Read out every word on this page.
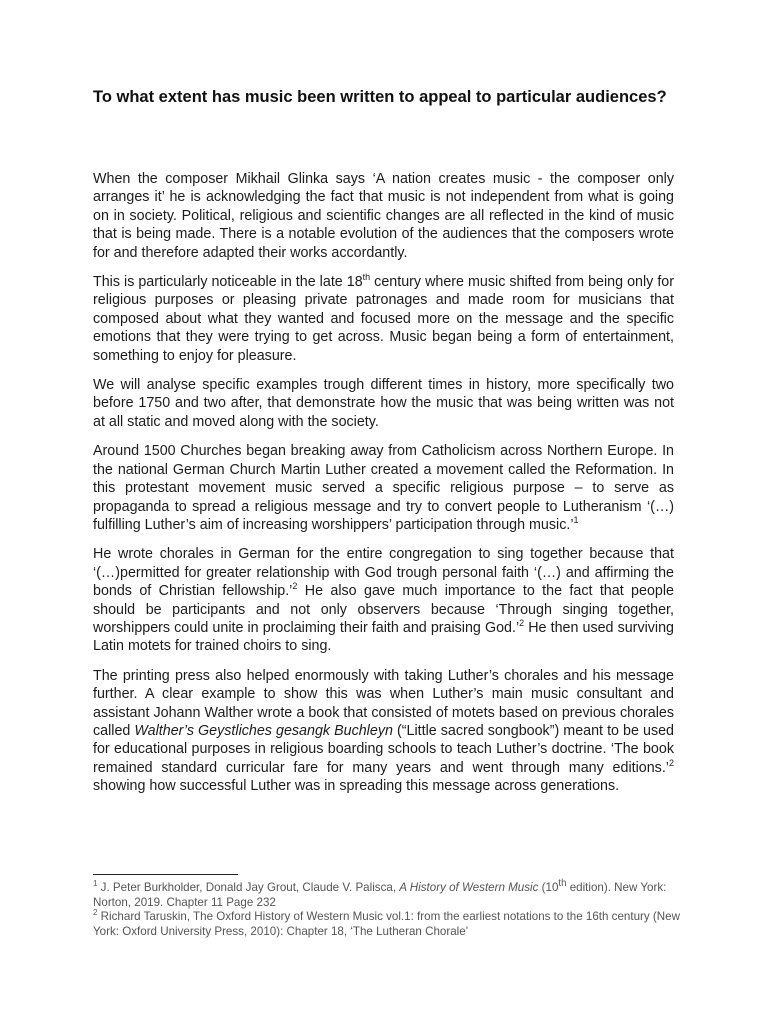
To what extent has music been written to appeal to particular audiences?

When the composer Mikhail Glinka says ‘A nation creates music - the composer only arranges it’ he is acknowledging the fact that music is not independent from what is going on in society. Political, religious and scientific changes are all reflected in the kind of music that is being made. There is a notable evolution of the audiences that the composers wrote for and therefore adapted their works accordantly.

This is particularly noticeable in the late 18th century where music shifted from being only for religious purposes or pleasing private patronages and made room for musicians that composed about what they wanted and focused more on the message and the specific emotions that they were trying to get across. Music began being a form of entertainment, something to enjoy for pleasure.

We will analyse specific examples trough different times in history, more specifically two before 1750 and two after, that demonstrate how the music that was being written was not at all static and moved along with the society.

Around 1500 Churches began breaking away from Catholicism across Northern Europe. In the national German Church Martin Luther created a movement called the Reformation. In this protestant movement music served a specific religious purpose – to serve as propaganda to spread a religious message and try to convert people to Lutheranism ‘(…) fulfilling Luther’s aim of increasing worshippers’ participation through music.’$^1$

He wrote chorales in German for the entire congregation to sing together because that ‘(…)permitted for greater relationship with God trough personal faith ‘(…) and affirming the bonds of Christian fellowship.’$^2$ He also gave much importance to the fact that people should be participants and not only observers because ‘Through singing together, worshippers could unite in proclaiming their faith and praising God.’$^2$ He then used surviving Latin motets for trained choirs to sing.

The printing press also helped enormously with taking Luther’s chorales and his message further. A clear example to show this was when Luther’s main music consultant and assistant Johann Walther wrote a book that consisted of motets based on previous chorales called Walther’s Geystliches gesangk Buchleyn (“Little sacred songbook”) meant to be used for educational purposes in religious boarding schools to teach Luther’s doctrine. ‘The book remained standard curricular fare for many years and went through many editions.’$^2$ showing how successful Luther was in spreading this message across generations.

$^1$ J. Peter Burkholder, Donald Jay Grout, Claude V. Palisca, A History of Western Music (10th edition). New York: Norton, 2019. Chapter 11 Page 232

$^2$ Richard Taruskin, The Oxford History of Western Music vol.1: from the earliest notations to the 16th century (New York: Oxford University Press, 2010): Chapter 18, ‘The Lutheran Chorale’
